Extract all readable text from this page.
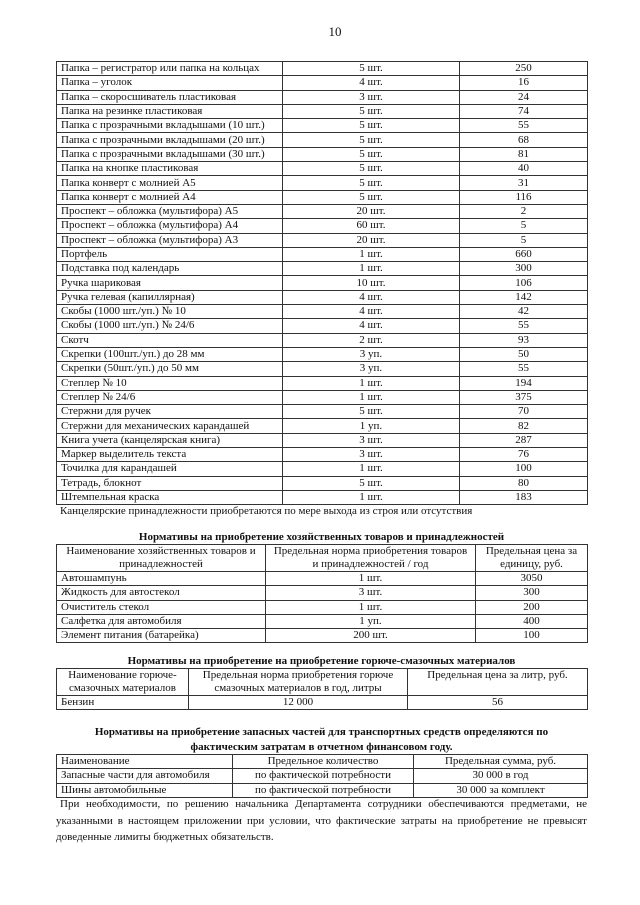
10
Папка – регистратор или папка на кольцах	5 шт.	250
Папка – уголок	4 шт.	16
Папка – скоросшиватель пластиковая	3 шт.	24
Папка на резинке пластиковая	5 шт.	74
Папка с прозрачными вкладышами (10 шт.)	5 шт.	55
Папка с прозрачными вкладышами (20 шт.)	5 шт.	68
Папка с прозрачными вкладышами (30 шт.)	5 шт.	81
Папка на кнопке пластиковая	5 шт.	40
Папка конверт с молнией А5	5 шт.	31
Папка конверт с молнией А4	5 шт.	116
Проспект – обложка (мультифора) А5	20 шт.	2
Проспект – обложка (мультифора) А4	60 шт.	5
Проспект – обложка (мультифора) А3	20 шт.	5
Портфель	1 шт.	660
Подставка под календарь	1 шт.	300
Ручка шариковая	10 шт.	106
Ручка гелевая (капиллярная)	4 шт.	142
Скобы (1000 шт./уп.) № 10	4 шт.	42
Скобы (1000 шт./уп.) № 24/6	4 шт.	55
Скотч	2 шт.	93
Скрепки (100шт./уп.) до 28 мм	3 уп.	50
Скрепки (50шт./уп.) до 50 мм	3 уп.	55
Степлер № 10	1 шт.	194
Степлер № 24/6	1 шт.	375
Стержни для ручек	5 шт.	70
Стержни для механических карандашей	1 уп.	82
Книга учета (канцелярская книга)	3 шт.	287
Маркер выделитель текста	3 шт.	76
Точилка для карандашей	1 шт.	100
Тетрадь, блокнот	5 шт.	80
Штемпельная краска	1 шт.	183
Канцелярские принадлежности приобретаются по мере выхода из строя или отсутствия
Нормативы на приобретение хозяйственных товаров и принадлежностей
Наименование хозяйственных товаров и принадлежностей	Предельная норма приобретения товаров и принадлежностей / год	Предельная цена за единицу, руб.
Автошампунь	1 шт.	3050
Жидкость для автостекол	3 шт.	300
Очиститель стекол	1 шт.	200
Салфетка для автомобиля	1 уп.	400
Элемент питания (батарейка)	200 шт.	100
Нормативы на приобретение на приобретение горюче-смазочных материалов
Наименование горюче-смазочных материалов	Предельная норма приобретения горюче смазочных материалов в год, литры	Предельная цена за литр, руб.
Бензин	12 000	56
Нормативы на приобретение запасных частей для транспортных средств определяются по фактическим затратам в отчетном финансовом году.
Наименование	Предельное количество	Предельная сумма, руб.
Запасные части для автомобиля	по фактической потребности	30 000 в год
Шины автомобильные	по фактической потребности	30 000 за комплект
При необходимости, по решению начальника Департамента сотрудники обеспечиваются предметами, не указанными в настоящем приложении при условии, что фактические затраты на приобретение не превысят доведенные лимиты бюджетных обязательств.
